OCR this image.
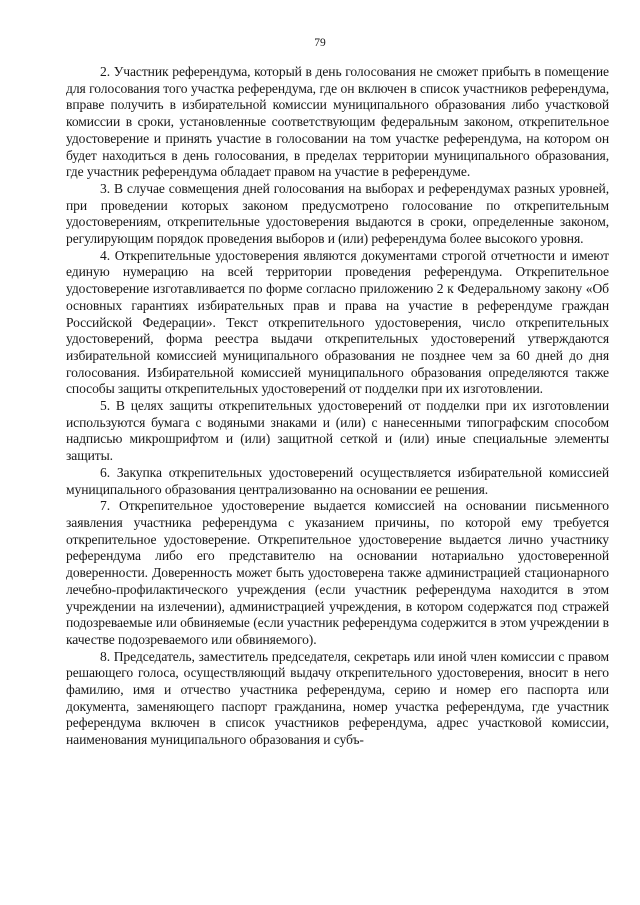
79

2. Участник референдума, который в день голосования не сможет прибыть в помещение для голосования того участка референдума, где он включен в список участников референдума, вправе получить в избирательной комиссии муниципального образования либо участковой комиссии в сроки, установленные соответствующим федеральным законом, открепительное удостоверение и принять участие в голосовании на том участке референдума, на котором он будет находиться в день голосования, в пределах территории муниципального образования, где участник референдума обладает правом на участие в референдуме.

3. В случае совмещения дней голосования на выборах и референдумах разных уровней, при проведении которых законом предусмотрено голосование по открепительным удостоверениям, открепительные удостоверения выдаются в сроки, определенные законом, регулирующим порядок проведения выборов и (или) референдума более высокого уровня.

4. Открепительные удостоверения являются документами строгой отчетности и имеют единую нумерацию на всей территории проведения референдума. Открепительное удостоверение изготавливается по форме согласно приложению 2 к Федеральному закону «Об основных гарантиях избирательных прав и права на участие в референдуме граждан Российской Федерации». Текст открепительного удостоверения, число открепительных удостоверений, форма реестра выдачи открепительных удостоверений утверждаются избирательной комиссией муниципального образования не позднее чем за 60 дней до дня голосования. Избирательной комиссией муниципального образования определяются также способы защиты открепительных удостоверений от подделки при их изготовлении.

5. В целях защиты открепительных удостоверений от подделки при их изготовлении используются бумага с водяными знаками и (или) с нанесенными типографским способом надписью микрошрифтом и (или) защитной сеткой и (или) иные специальные элементы защиты.

6. Закупка открепительных удостоверений осуществляется избирательной комиссией муниципального образования централизованно на основании ее решения.

7. Открепительное удостоверение выдается комиссией на основании письменного заявления участника референдума с указанием причины, по которой ему требуется открепительное удостоверение. Открепительное удостоверение выдается лично участнику референдума либо его представителю на основании нотариально удостоверенной доверенности. Доверенность может быть удостоверена также администрацией стационарного лечебно-профилактического учреждения (если участник референдума находится в этом учреждении на излечении), администрацией учреждения, в котором содержатся под стражей подозреваемые или обвиняемые (если участник референдума содержится в этом учреждении в качестве подозреваемого или обвиняемого).

8. Председатель, заместитель председателя, секретарь или иной член комиссии с правом решающего голоса, осуществляющий выдачу открепительного удостоверения, вносит в него фамилию, имя и отчество участника референдума, серию и номер его паспорта или документа, заменяющего паспорт гражданина, номер участка референдума, где участник референдума включен в список участников референдума, адрес участковой комиссии, наименования муниципального образования и субъ-
